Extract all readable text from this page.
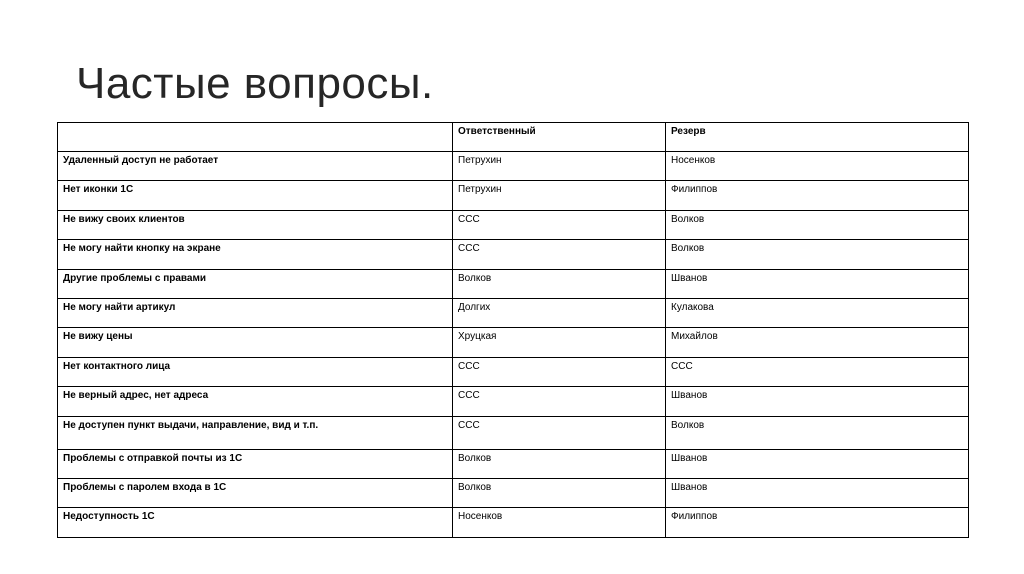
Частые вопросы.
	Ответственный	Резерв
Удаленный доступ не работает	Петрухин	Носенков
Нет иконки 1С	Петрухин	Филиппов
Не вижу своих клиентов	ССС	Волков
Не могу найти кнопку на экране	ССС	Волков
Другие проблемы с правами	Волков	Шванов
Не могу найти артикул	Долгих	Кулакова
Не вижу цены	Хруцкая	Михайлов
Нет контактного лица	ССС	ССС
Не верный адрес, нет адреса	ССС	Шванов
Не доступен пункт выдачи, направление, вид и т.п.	ССС	Волков
Проблемы с отправкой почты из 1С	Волков	Шванов
Проблемы с паролем входа в 1С	Волков	Шванов
Недоступность 1С	Носенков	Филиппов
